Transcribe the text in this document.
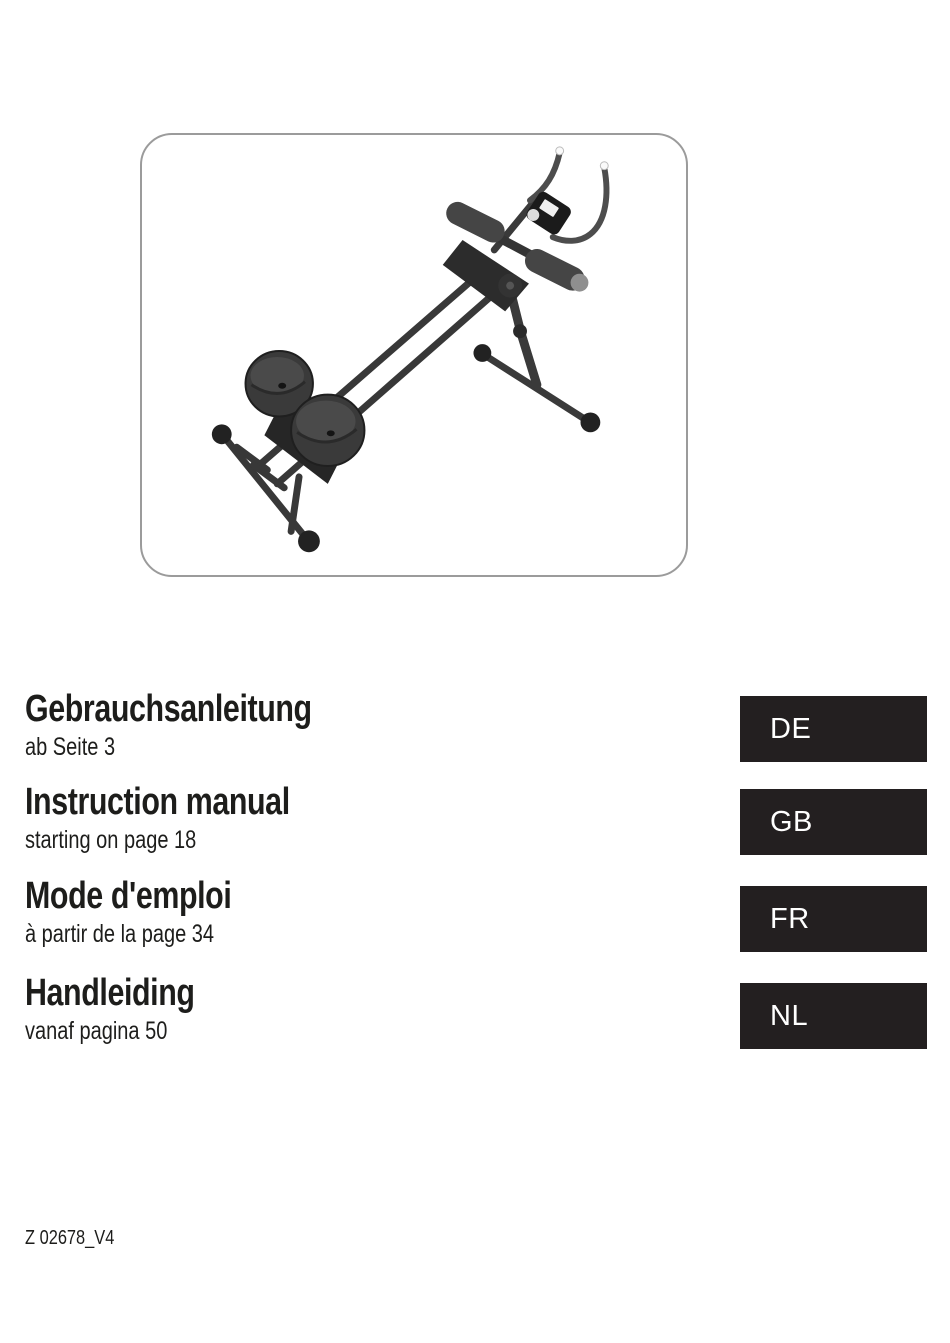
Gebrauchsanleitung
ab Seite 3
DE
Instruction manual
starting on page 18
GB
Mode d'emploi
à partir de la page 34	FR
Handleiding
vanaf pagina 50	NL
Z 02678_V4
